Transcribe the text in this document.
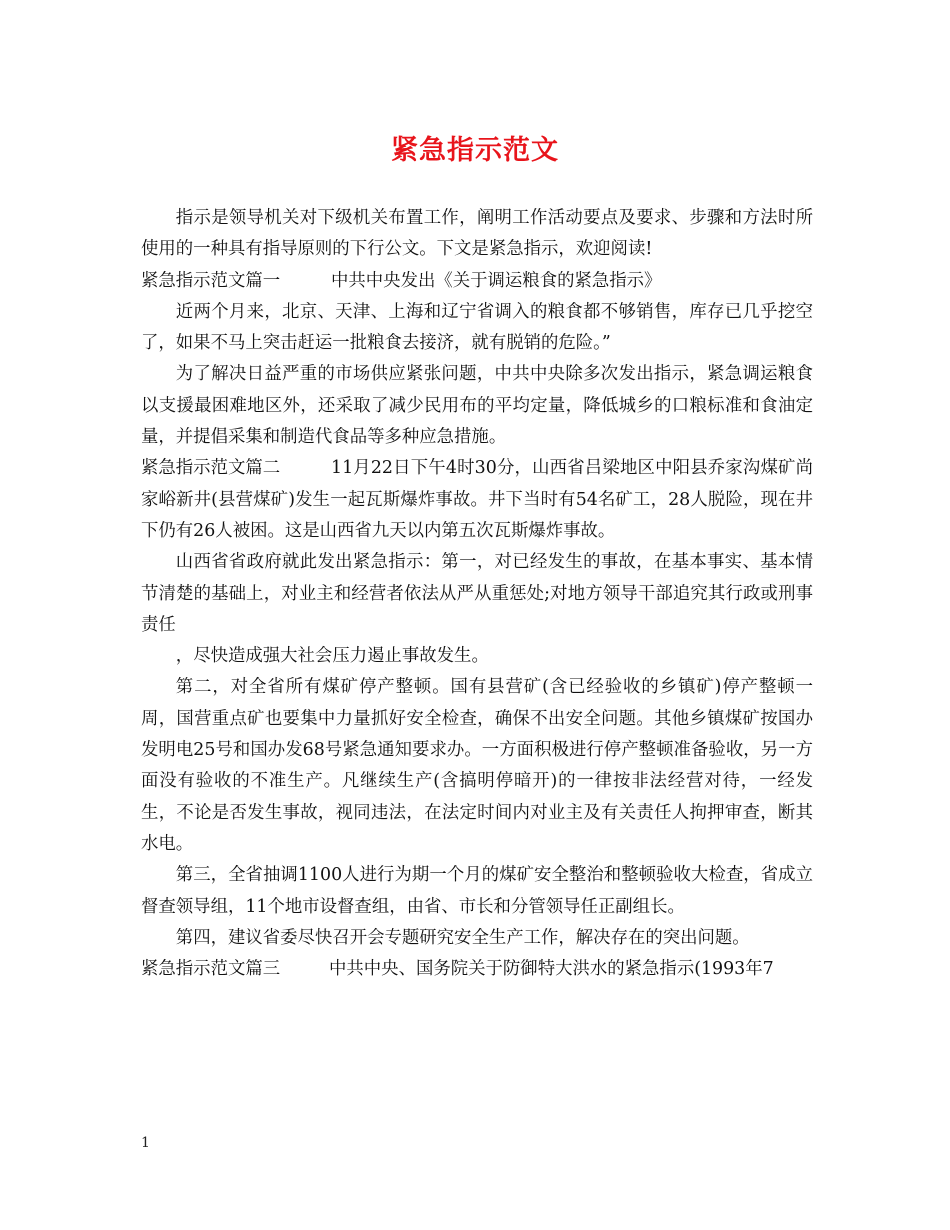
紧急指示范文

指示是领导机关对下级机关布置工作，阐明工作活动要点及要求、步骤和方法时所使用的一种具有指导原则的下行公文。下文是紧急指示，欢迎阅读!

紧急指示范文篇一	中共中央发出《关于调运粮食的紧急指示》

近两个月来，北京、天津、上海和辽宁省调入的粮食都不够销售，库存已几乎挖空了，如果不马上突击赶运一批粮食去接济，就有脱销的危险。”

为了解决日益严重的市场供应紧张问题，中共中央除多次发出指示，紧急调运粮食以支援最困难地区外，还采取了减少民用布的平均定量，降低城乡的口粮标准和食油定量，并提倡采集和制造代食品等多种应急措施。

紧急指示范文篇二	11月22日下午4时30分，山西省吕梁地区中阳县乔家沟煤矿尚家峪新井(县营煤矿)发生一起瓦斯爆炸事故。井下当时有54名矿工，28人脱险，现在井下仍有26人被困。这是山西省九天以内第五次瓦斯爆炸事故。

山西省省政府就此发出紧急指示：第一，对已经发生的事故，在基本事实、基本情节清楚的基础上，对业主和经营者依法从严从重惩处;对地方领导干部追究其行政或刑事责任

，尽快造成强大社会压力遏止事故发生。

第二，对全省所有煤矿停产整顿。国有县营矿(含已经验收的乡镇矿)停产整顿一周，国营重点矿也要集中力量抓好安全检查，确保不出安全问题。其他乡镇煤矿按国办发明电25号和国办发68号紧急通知要求办。一方面积极进行停产整顿准备验收，另一方面没有验收的不准生产。凡继续生产(含搞明停暗开)的一律按非法经营对待，一经发生，不论是否发生事故，视同违法，在法定时间内对业主及有关责任人拘押审查，断其水电。

第三，全省抽调1100人进行为期一个月的煤矿安全整治和整顿验收大检查，省成立督查领导组，11个地市设督查组，由省、市长和分管领导任正副组长。

第四，建议省委尽快召开会专题研究安全生产工作，解决存在的突出问题。

紧急指示范文篇三	中共中央、国务院关于防御特大洪水的紧急指示(1993年7

1
